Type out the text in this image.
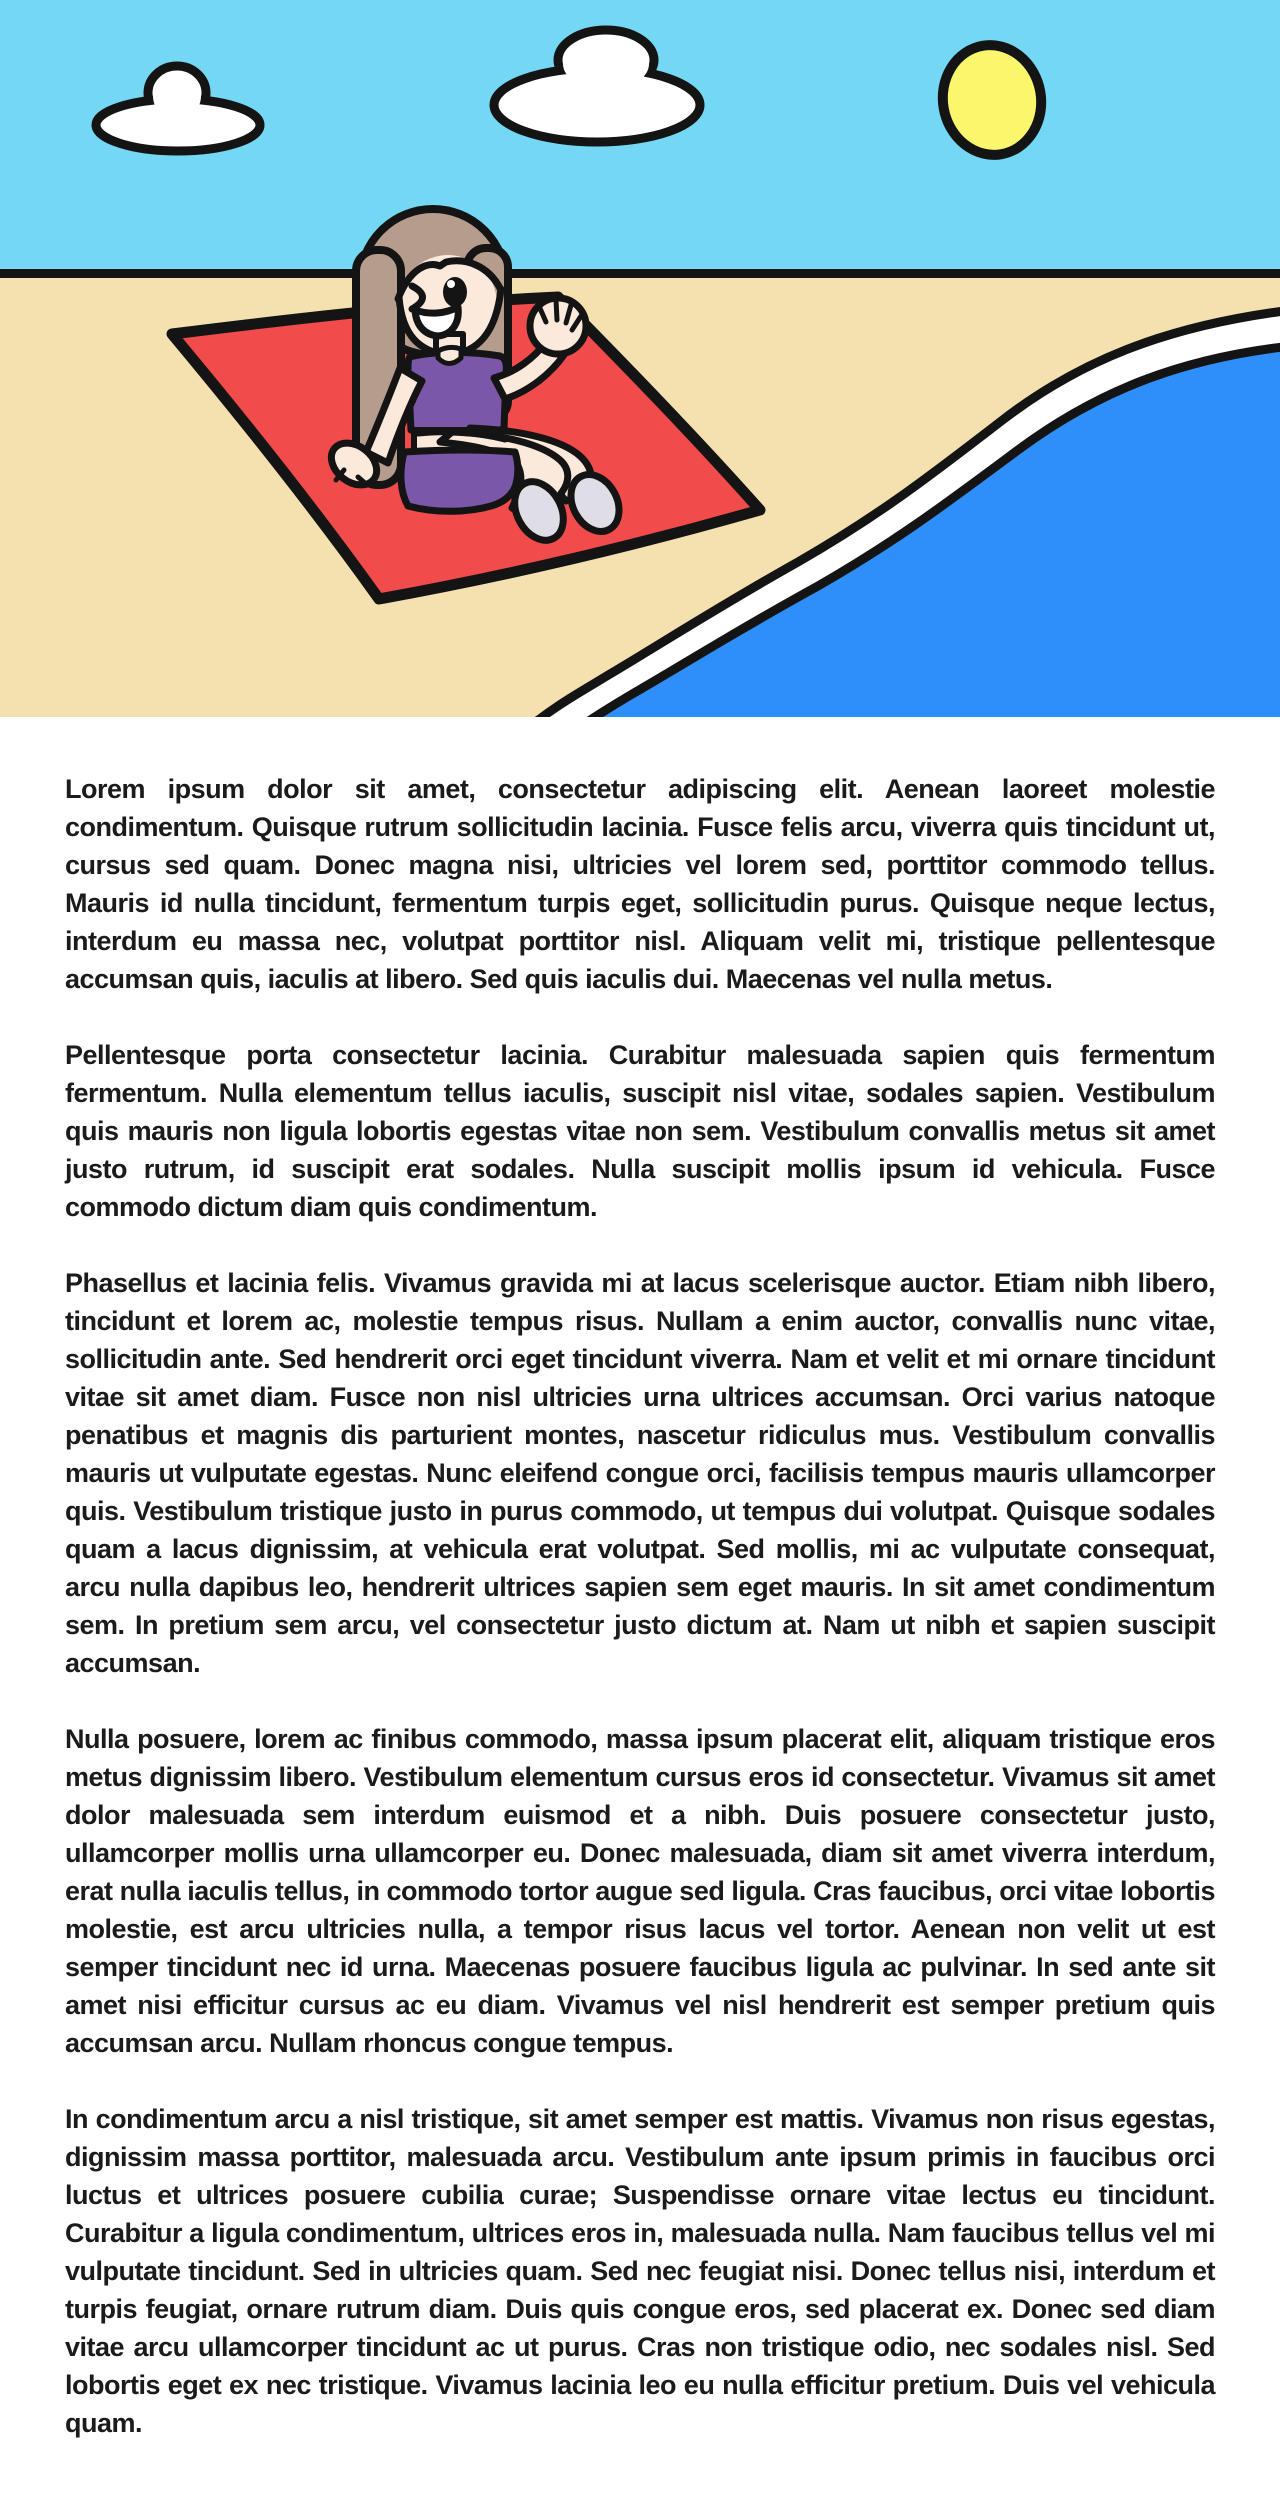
Lorem ipsum dolor sit amet, consectetur adipiscing elit. Aenean laoreet molestie condimentum. Quisque rutrum sollicitudin lacinia. Fusce felis arcu, viverra quis tincidunt ut, cursus sed quam. Donec magna nisi, ultricies vel lorem sed, porttitor commodo tellus. Mauris id nulla tincidunt, fermentum turpis eget, sollicitudin purus. Quisque neque lectus, interdum eu massa nec, volutpat porttitor nisl. Aliquam velit mi, tristique pellentesque accumsan quis, iaculis at libero. Sed quis iaculis dui. Maecenas vel nulla metus.

Pellentesque porta consectetur lacinia. Curabitur malesuada sapien quis fermentum fermentum. Nulla elementum tellus iaculis, suscipit nisl vitae, sodales sapien. Vestibulum quis mauris non ligula lobortis egestas vitae non sem. Vestibulum convallis metus sit amet justo rutrum, id suscipit erat sodales. Nulla suscipit mollis ipsum id vehicula. Fusce commodo dictum diam quis condimentum.

Phasellus et lacinia felis. Vivamus gravida mi at lacus scelerisque auctor. Etiam nibh libero, tincidunt et lorem ac, molestie tempus risus. Nullam a enim auctor, convallis nunc vitae, sollicitudin ante. Sed hendrerit orci eget tincidunt viverra. Nam et velit et mi ornare tincidunt vitae sit amet diam. Fusce non nisl ultricies urna ultrices accumsan. Orci varius natoque penatibus et magnis dis parturient montes, nascetur ridiculus mus. Vestibulum convallis mauris ut vulputate egestas. Nunc eleifend congue orci, facilisis tempus mauris ullamcorper quis. Vestibulum tristique justo in purus commodo, ut tempus dui volutpat. Quisque sodales quam a lacus dignissim, at vehicula erat volutpat. Sed mollis, mi ac vulputate consequat, arcu nulla dapibus leo, hendrerit ultrices sapien sem eget mauris. In sit amet condimentum sem. In pretium sem arcu, vel consectetur justo dictum at. Nam ut nibh et sapien suscipit accumsan.

Nulla posuere, lorem ac finibus commodo, massa ipsum placerat elit, aliquam tristique eros metus dignissim libero. Vestibulum elementum cursus eros id consectetur. Vivamus sit amet dolor malesuada sem interdum euismod et a nibh. Duis posuere consectetur justo, ullamcorper mollis urna ullamcorper eu. Donec malesuada, diam sit amet viverra interdum, erat nulla iaculis tellus, in commodo tortor augue sed ligula. Cras faucibus, orci vitae lobortis molestie, est arcu ultricies nulla, a tempor risus lacus vel tortor. Aenean non velit ut est semper tincidunt nec id urna. Maecenas posuere faucibus ligula ac pulvinar. In sed ante sit amet nisi efficitur cursus ac eu diam. Vivamus vel nisl hendrerit est semper pretium quis accumsan arcu. Nullam rhoncus congue tempus.

In condimentum arcu a nisl tristique, sit amet semper est mattis. Vivamus non risus egestas, dignissim massa porttitor, malesuada arcu. Vestibulum ante ipsum primis in faucibus orci luctus et ultrices posuere cubilia curae; Suspendisse ornare vitae lectus eu tincidunt. Curabitur a ligula condimentum, ultrices eros in, malesuada nulla. Nam faucibus tellus vel mi vulputate tincidunt. Sed in ultricies quam. Sed nec feugiat nisi. Donec tellus nisi, interdum et turpis feugiat, ornare rutrum diam. Duis quis congue eros, sed placerat ex. Donec sed diam vitae arcu ullamcorper tincidunt ac ut purus. Cras non tristique odio, nec sodales nisl. Sed lobortis eget ex nec tristique. Vivamus lacinia leo eu nulla efficitur pretium. Duis vel vehicula quam.
